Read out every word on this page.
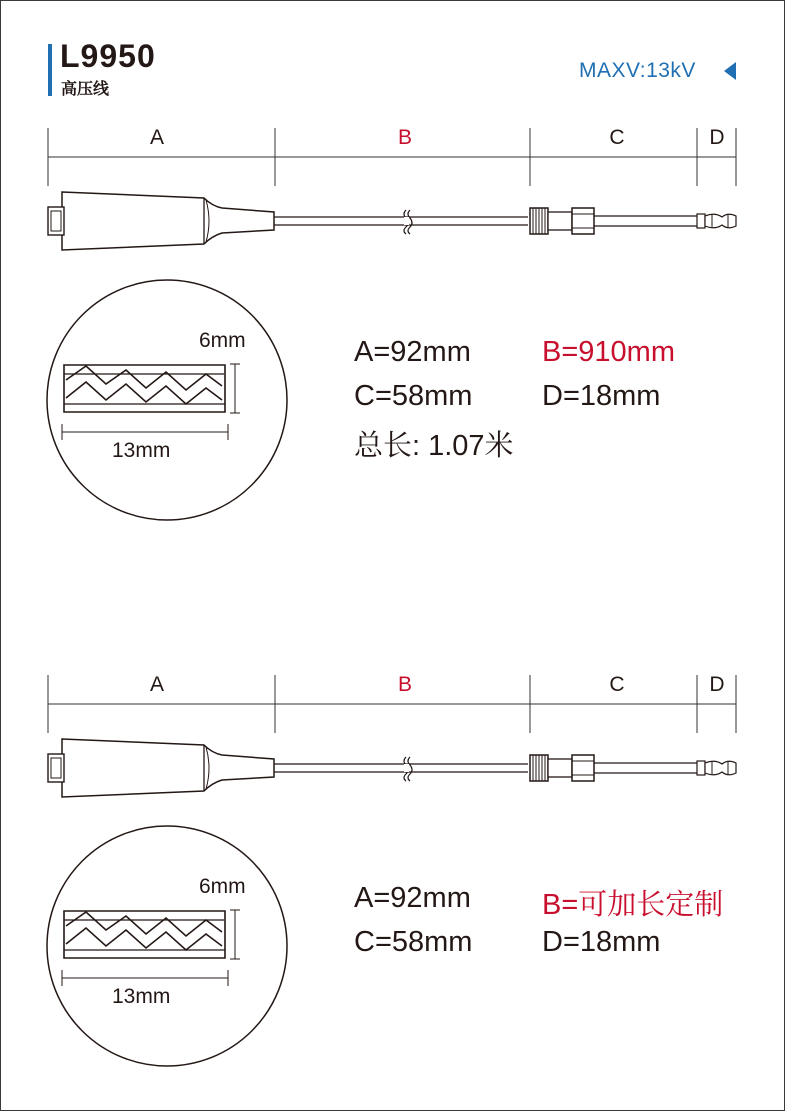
L9950
高压线
MAXV:13kV
A	B	C	D
6mm
13mm
A=92mm B=910mm
C=58mm D=18mm
总长: 1.07米
A	B	C	D
6mm
13mm
A=92mm B=可加长定制
C=58mm D=18mm
